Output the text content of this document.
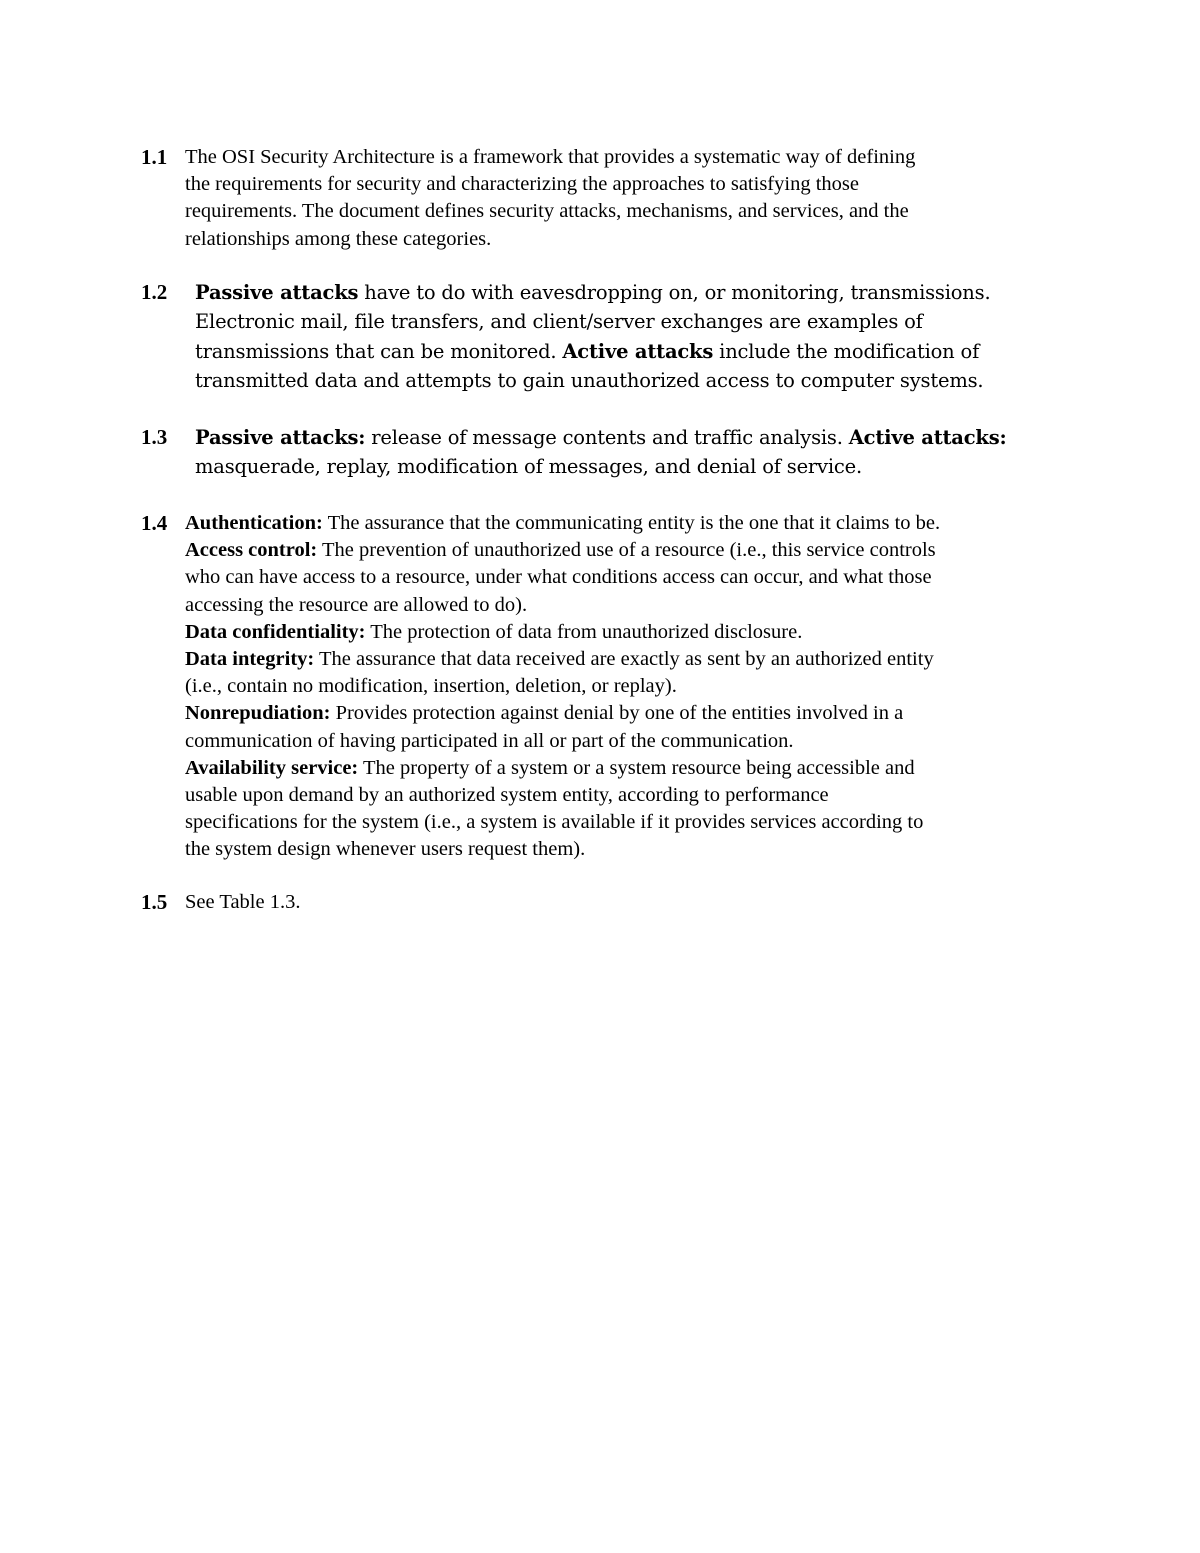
1.1 The OSI Security Architecture is a framework that provides a systematic way of defining
the requirements for security and characterizing the approaches to satisfying those
requirements. The document defines security attacks, mechanisms, and services, and the
relationships among these categories.
1.2	Passive attacks have to do with eavesdropping on, or monitoring, transmissions.
Electronic mail, file transfers, and client/server exchanges are examples of
transmissions that can be monitored. Active attacks include the modification of
transmitted data and attempts to gain unauthorized access to computer systems.
1.3	Passive attacks: release of message contents and traffic analysis. Active attacks:
masquerade, replay, modification of messages, and denial of service.
1.4 Authentication: The assurance that the communicating entity is the one that it claims to be.
Access control: The prevention of unauthorized use of a resource (i.e., this service controls
who can have access to a resource, under what conditions access can occur, and what those
accessing the resource are allowed to do).
Data confidentiality: The protection of data from unauthorized disclosure.
Data integrity: The assurance that data received are exactly as sent by an authorized entity
(i.e., contain no modification, insertion, deletion, or replay).
Nonrepudiation: Provides protection against denial by one of the entities involved in a
communication of having participated in all or part of the communication.
Availability service: The property of a system or a system resource being accessible and
usable upon demand by an authorized system entity, according to performance
specifications for the system (i.e., a system is available if it provides services according to
the system design whenever users request them).
1.5 See Table 1.3.
